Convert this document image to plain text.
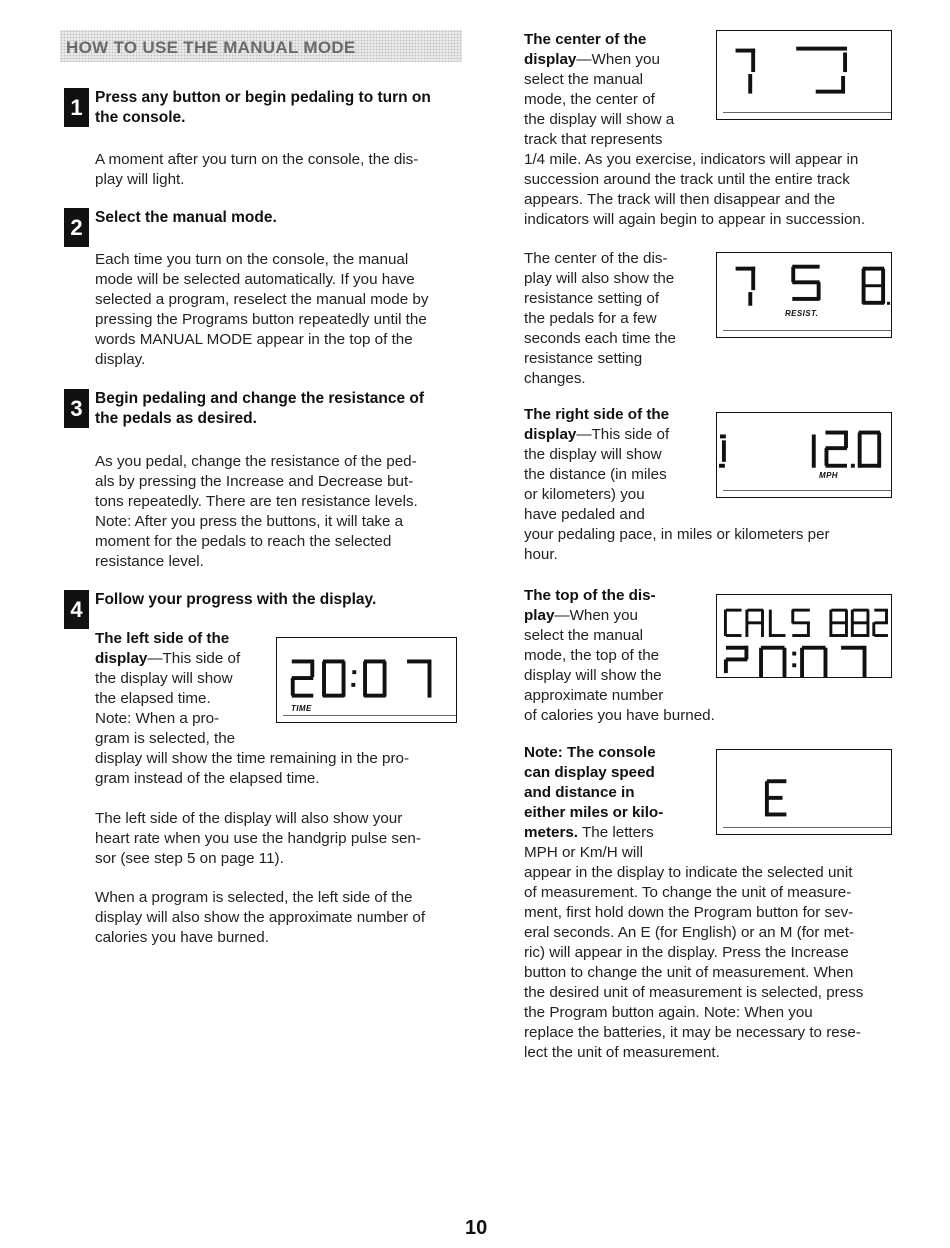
HOW TO USE THE MANUAL MODE
1 Press any button or begin pedaling to turn on
the console.
A moment after you turn on the console, the dis-
play will light.
2 Select the manual mode.
Each time you turn on the console, the manual
mode will be selected automatically. If you have
selected a program, reselect the manual mode by
pressing the Programs button repeatedly until the
words MANUAL MODE appear in the top of the
display.
3 Begin pedaling and change the resistance of
the pedals as desired.
As you pedal, change the resistance of the ped-
als by pressing the Increase and Decrease but-
tons repeatedly. There are ten resistance levels.
Note: After you press the buttons, it will take a
moment for the pedals to reach the selected
resistance level.
4 Follow your progress with the display.
The left side of the
display—This side of
the display will show
the elapsed time.
Note: When a pro-
gram is selected, the
display will show the time remaining in the pro-
gram instead of the elapsed time.
The left side of the display will also show your
heart rate when you use the handgrip pulse sen-
sor (see step 5 on page 11).
When a program is selected, the left side of the
display will also show the approximate number of
calories you have burned.
TIME
The center of the
display—When you
select the manual
mode, the center of
the display will show a
track that represents
1/4 mile. As you exercise, indicators will appear in
succession around the track until the entire track
appears. The track will then disappear and the
indicators will again begin to appear in succession.
The center of the dis-
play will also show the
resistance setting of
the pedals for a few
seconds each time the
resistance setting
changes.
RESIST.
The right side of the
display—This side of
the display will show
the distance (in miles
or kilometers) you
have pedaled and
your pedaling pace, in miles or kilometers per
hour.
MPH
The top of the dis-
play—When you
select the manual
mode, the top of the
display will show the
approximate number
of calories you have burned.
Note: The console
can display speed
and distance in
either miles or kilo-
meters. The letters
MPH or Km/H will
appear in the display to indicate the selected unit
of measurement. To change the unit of measure-
ment, first hold down the Program button for sev-
eral seconds. An E (for English) or an M (for met-
ric) will appear in the display. Press the Increase
button to change the unit of measurement. When
the desired unit of measurement is selected, press
the Program button again. Note: When you
replace the batteries, it may be necessary to rese-
lect the unit of measurement.
10
